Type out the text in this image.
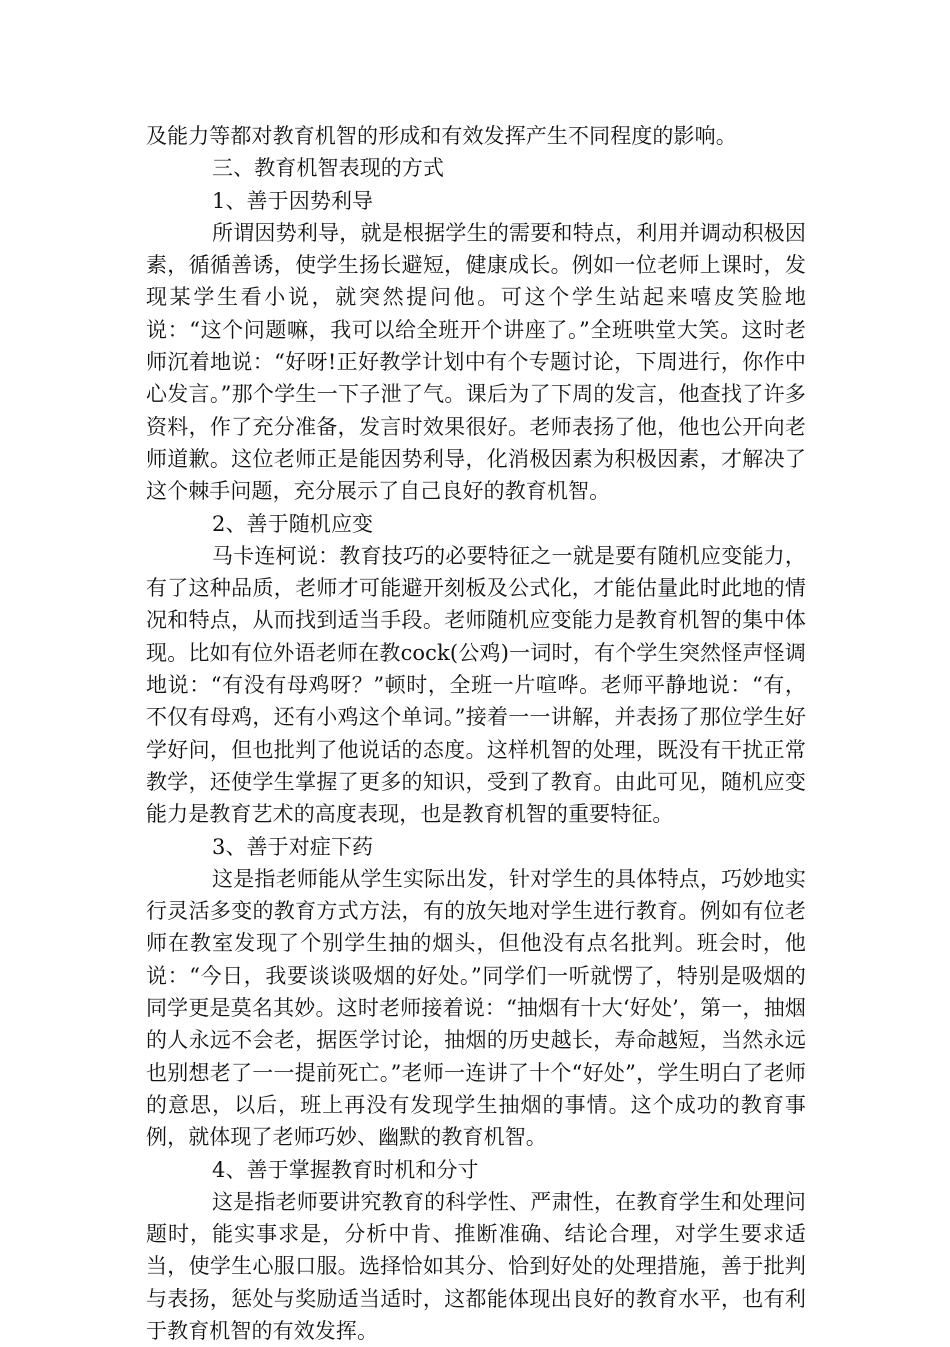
及能力等都对教育机智的形成和有效发挥产生不同程度的影响。

三、教育机智表现的方式

1、善于因势利导

所谓因势利导，就是根据学生的需要和特点，利用并调动积极因素，循循善诱，使学生扬长避短，健康成长。例如一位老师上课时，发现某学生看小说，就突然提问他。可这个学生站起来嘻皮笑脸地说：“这个问题嘛，我可以给全班开个讲座了。”全班哄堂大笑。这时老师沉着地说：“好呀!正好教学计划中有个专题讨论，下周进行，你作中心发言。”那个学生一下子泄了气。课后为了下周的发言，他查找了许多资料，作了充分准备，发言时效果很好。老师表扬了他，他也公开向老师道歉。这位老师正是能因势利导，化消极因素为积极因素，才解决了这个棘手问题，充分展示了自己良好的教育机智。

2、善于随机应变

马卡连柯说：教育技巧的必要特征之一就是要有随机应变能力，有了这种品质，老师才可能避开刻板及公式化，才能估量此时此地的情况和特点，从而找到适当手段。老师随机应变能力是教育机智的集中体现。比如有位外语老师在教cock(公鸡)一词时，有个学生突然怪声怪调地说：“有没有母鸡呀？”顿时，全班一片喧哗。老师平静地说：“有，不仅有母鸡，还有小鸡这个单词。”接着一一讲解，并表扬了那位学生好学好问，但也批判了他说话的态度。这样机智的处理，既没有干扰正常教学，还使学生掌握了更多的知识，受到了教育。由此可见，随机应变能力是教育艺术的高度表现，也是教育机智的重要特征。

3、善于对症下药

这是指老师能从学生实际出发，针对学生的具体特点，巧妙地实行灵活多变的教育方式方法，有的放矢地对学生进行教育。例如有位老师在教室发现了个别学生抽的烟头，但他没有点名批判。班会时，他说：“今日，我要谈谈吸烟的好处。”同学们一听就愣了，特别是吸烟的同学更是莫名其妙。这时老师接着说：“抽烟有十大‘好处’，第一，抽烟的人永远不会老，据医学讨论，抽烟的历史越长，寿命越短，当然永远也别想老了一一提前死亡。”老师一连讲了十个“好处”，学生明白了老师的意思，以后，班上再没有发现学生抽烟的事情。这个成功的教育事例，就体现了老师巧妙、幽默的教育机智。

4、善于掌握教育时机和分寸

这是指老师要讲究教育的科学性、严肃性，在教育学生和处理问题时，能实事求是，分析中肯、推断准确、结论合理，对学生要求适当，使学生心服口服。选择恰如其分、恰到好处的处理措施，善于批判与表扬，惩处与奖励适当适时，这都能体现出良好的教育水平，也有利于教育机智的有效发挥。
